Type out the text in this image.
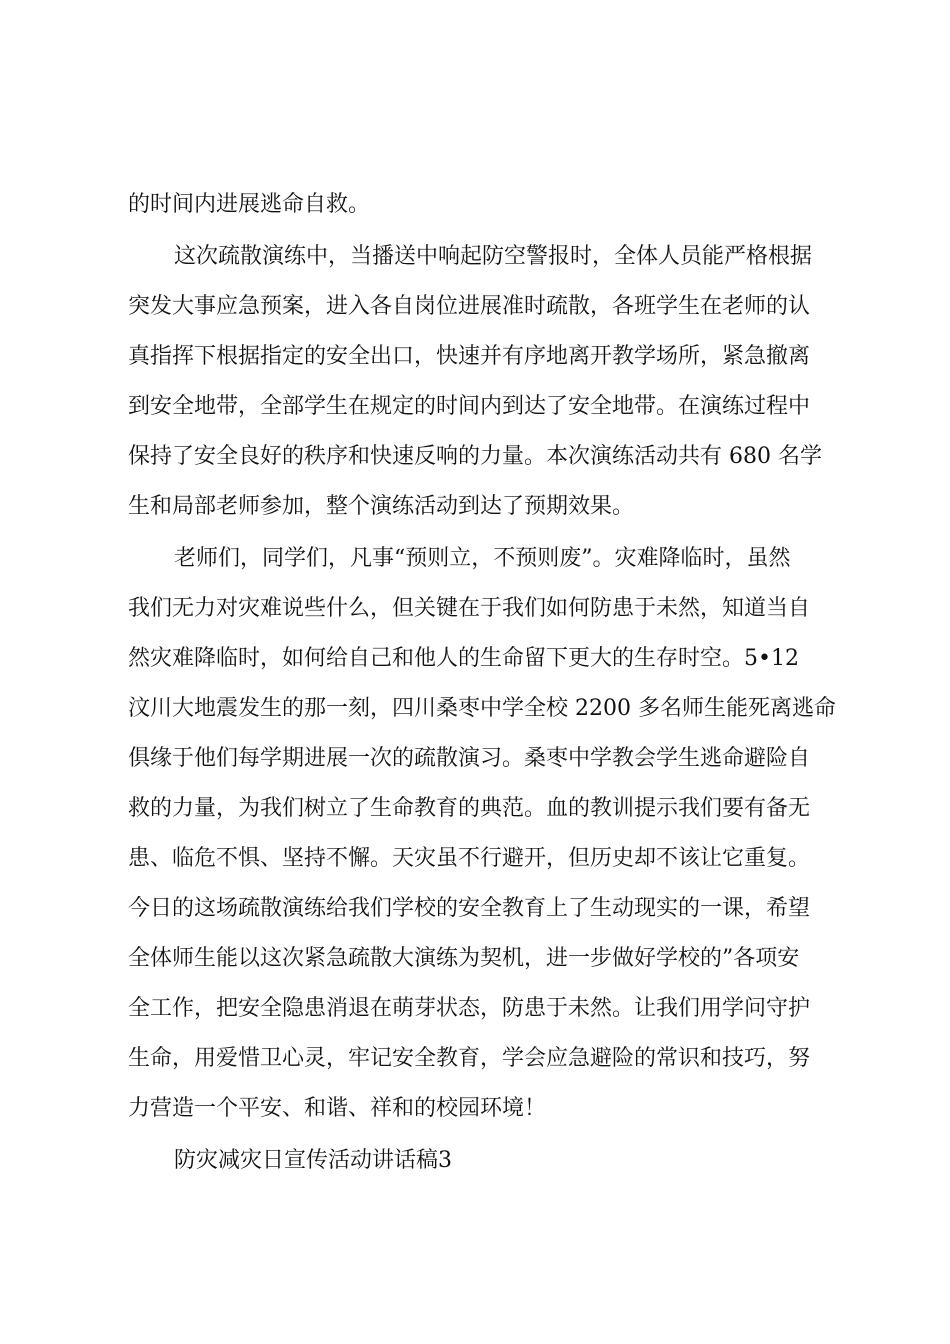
的时间内进展逃命自救。
这次疏散演练中，当播送中响起防空警报时，全体人员能严格根据
突发大事应急预案，进入各自岗位进展准时疏散，各班学生在老师的认
真指挥下根据指定的安全出口，快速并有序地离开教学场所，紧急撤离
到安全地带，全部学生在规定的时间内到达了安全地带。在演练过程中
保持了安全良好的秩序和快速反响的力量。本次演练活动共有 680 名学
生和局部老师参加，整个演练活动到达了预期效果。
老师们，同学们，凡事“预则立，不预则废”。灾难降临时，虽然
我们无力对灾难说些什么，但关键在于我们如何防患于未然，知道当自
然灾难降临时，如何给自己和他人的生命留下更大的生存时空。5•12
汶川大地震发生的那一刻，四川桑枣中学全校 2200 多名师生能死离逃命
俱缘于他们每学期进展一次的疏散演习。桑枣中学教会学生逃命避险自
救的力量，为我们树立了生命教育的典范。血的教训提示我们要有备无
患、临危不惧、坚持不懈。天灾虽不行避开，但历史却不该让它重复。
今日的这场疏散演练给我们学校的安全教育上了生动现实的一课，希望
全体师生能以这次紧急疏散大演练为契机，进一步做好学校的”各项安
全工作，把安全隐患消退在萌芽状态，防患于未然。让我们用学问守护
生命，用爱惜卫心灵，牢记安全教育，学会应急避险的常识和技巧，努
力营造一个平安、和谐、祥和的校园环境！
防灾减灾日宣传活动讲话稿3
